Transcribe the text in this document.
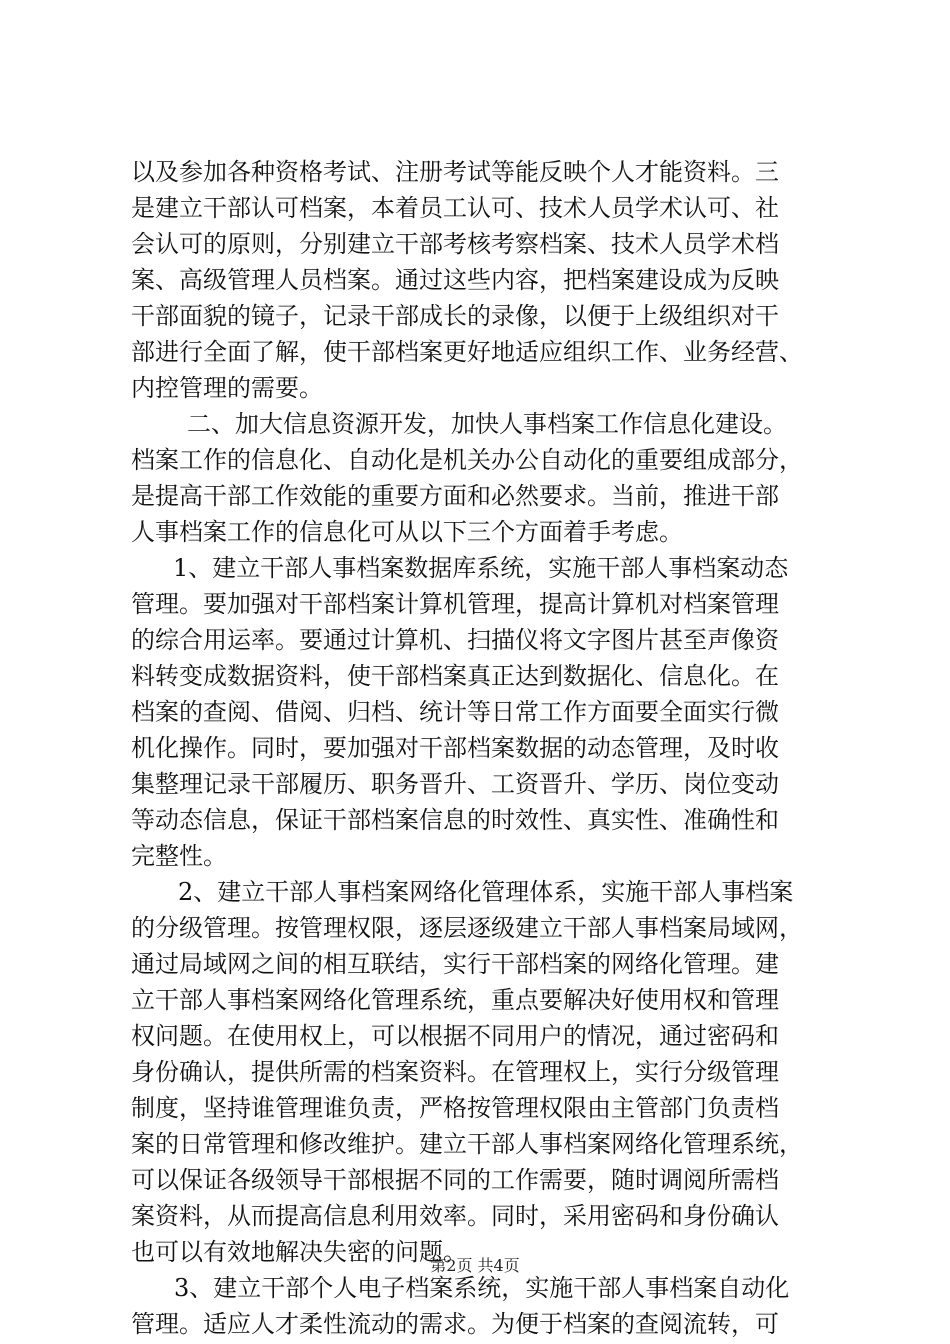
以及参加各种资格考试、注册考试等能反映个人才能资料。三
是建立干部认可档案，本着员工认可、技术人员学术认可、社
会认可的原则，分别建立干部考核考察档案、技术人员学术档
案、高级管理人员档案。通过这些内容，把档案建设成为反映
干部面貌的镜子，记录干部成长的录像，以便于上级组织对干
部进行全面了解，使干部档案更好地适应组织工作、业务经营、
内控管理的需要。
二、加大信息资源开发，加快人事档案工作信息化建设。
档案工作的信息化、自动化是机关办公自动化的重要组成部分，
是提高干部工作效能的重要方面和必然要求。当前，推进干部
人事档案工作的信息化可从以下三个方面着手考虑。
1、建立干部人事档案数据库系统，实施干部人事档案动态
管理。要加强对干部档案计算机管理，提高计算机对档案管理
的综合用运率。要通过计算机、扫描仪将文字图片甚至声像资
料转变成数据资料，使干部档案真正达到数据化、信息化。在
档案的查阅、借阅、归档、统计等日常工作方面要全面实行微
机化操作。同时，要加强对干部档案数据的动态管理，及时收
集整理记录干部履历、职务晋升、工资晋升、学历、岗位变动
等动态信息，保证干部档案信息的时效性、真实性、准确性和
完整性。
2、建立干部人事档案网络化管理体系，实施干部人事档案
的分级管理。按管理权限，逐层逐级建立干部人事档案局域网，
通过局域网之间的相互联结，实行干部档案的网络化管理。建
立干部人事档案网络化管理系统，重点要解决好使用权和管理
权问题。在使用权上，可以根据不同用户的情况，通过密码和
身份确认，提供所需的档案资料。在管理权上，实行分级管理
制度，坚持谁管理谁负责，严格按管理权限由主管部门负责档
案的日常管理和修改维护。建立干部人事档案网络化管理系统，
可以保证各级领导干部根据不同的工作需要，随时调阅所需档
案资料，从而提高信息利用效率。同时，采用密码和身份确认
也可以有效地解决失密的问题。
3、建立干部个人电子档案系统，实施干部人事档案自动化
管理。适应人才柔性流动的需求。为便于档案的查阅流转，可
第2页 共4页
